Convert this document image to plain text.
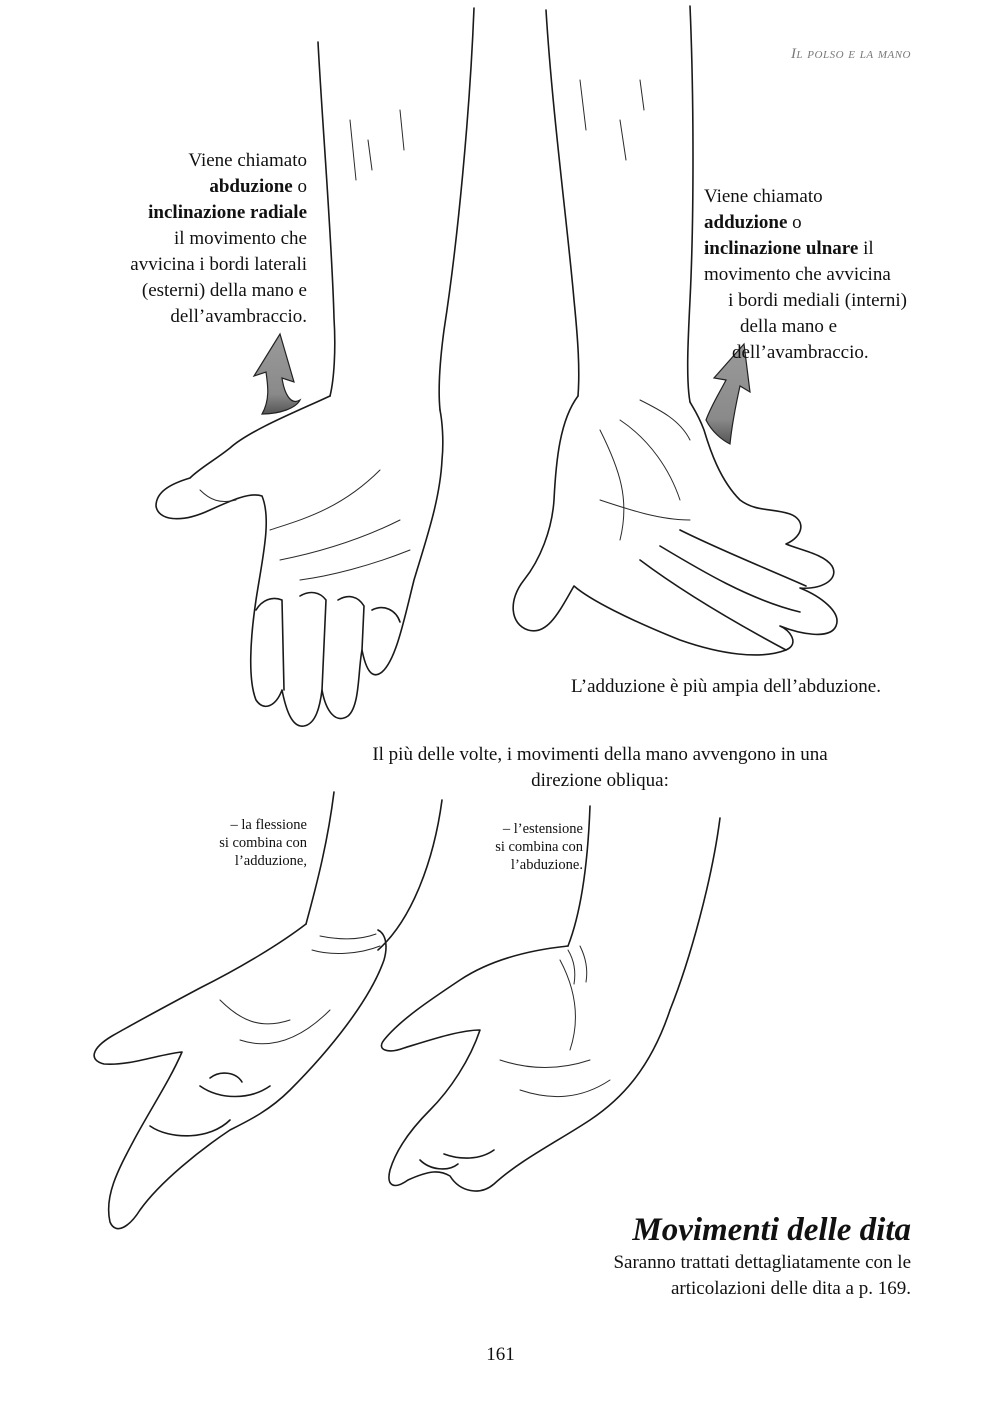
Il polso e la mano
Viene chiamato
abduzione o
inclinazione radiale
il movimento che
avvicina i bordi laterali
(esterni) della mano e
dell’avambraccio.
Viene chiamato
adduzione o
inclinazione ulnare il
movimento che avvicina
i bordi mediali (interni)
della mano e
dell’avambraccio.
L’adduzione è più ampia dell’abduzione.
Il più delle volte, i movimenti della mano avvengono in una
direzione obliqua:
– la flessione
si combina con
l’adduzione,
– l’estensione
si combina con
l’abduzione.
Movimenti delle dita
Saranno trattati dettagliatamente con le
articolazioni delle dita a p. 169.
161
